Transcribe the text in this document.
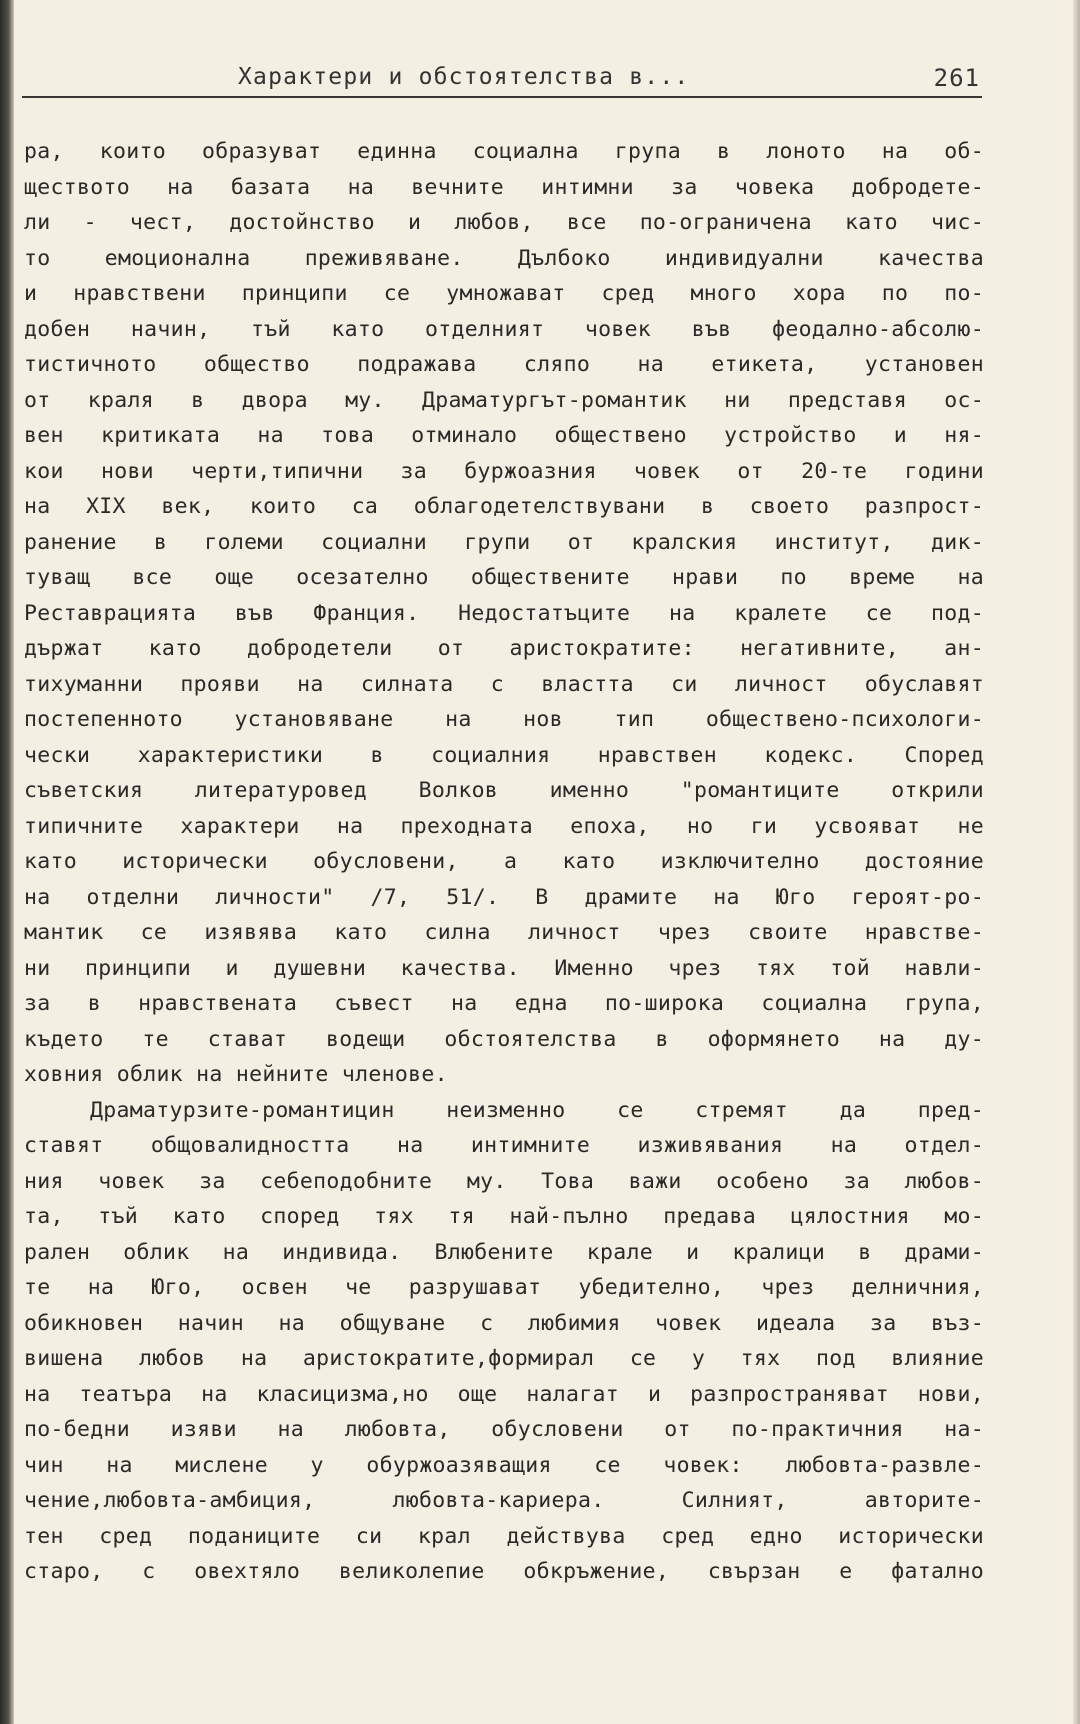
Характери и обстоятелства в...	261
ра, които образуват единна социална група в лоното на об-
ществото на базата на вечните интимни за човека добродете-
ли - чест, достойнство и любов, все по-ограничена като чис-
то емоционална преживяване. Дълбоко индивидуални качества
и нравствени принципи се умножават сред много хора по по-
добен начин, тъй като отделният човек във феодално-абсолю-
тистичното общество подражава сляпо на етикета, установен
от краля в двора му. Драматургът-романтик ни представя ос-
вен критиката на това отминало обществено устройство и ня-
кои нови черти,типични за буржоазния човек от 20-те години
на XIX век, които са облагодетелствувани в своето разпрост-
ранение в големи социални групи от кралския институт, дик-
туващ все още осезателно обществените нрави по време на
Реставрацията във Франция. Недостатъците на кралете се под-
държат като добродетели от аристократите: негативните, ан-
тихуманни прояви на силната с властта си личност обуславят
постепенното установяване на нов тип обществено-психологи-
чески характеристики в социалния нравствен кодекс. Според
съветския литературовед Волков именно "романтиците открили
типичните характери на преходната епоха, но ги усвояват не
като исторически обусловени, а като изключително достояние
на отделни личности" /7, 51/. В драмите на Юго героят-ро-
мантик се изявява като силна личност чрез своите нравстве-
ни принципи и душевни качества. Именно чрез тях той навли-
за в нравствената съвест на една по-широка социална група,
където те стават водещи обстоятелства в оформянето на ду-
ховния облик на нейните членове.
Драматурзите-романтицин неизменно се стремят да пред-
ставят общовалидността на интимните изживявания на отдел-
ния човек за себеподобните му. Това важи особено за любов-
та, тъй като според тях тя най-пълно предава цялостния мо-
рален облик на индивида. Влюбените крале и кралици в драми-
те на Юго, освен че разрушават убедително, чрез делничния,
обикновен начин на общуване с любимия човек идеала за въз-
вишена любов на аристократите,формирал се у тях под влияние
на театъра на класицизма,но още налагат и разпространяват нови,
по-бедни изяви на любовта, обусловени от по-практичния на-
чин на мислене у обуржоазяващия се човек: любовта-развле-
чение,любовта-амбиция, любовта-кариера. Силният, авторите-
тен сред поданиците си крал действува сред едно исторически
старо, с овехтяло великолепие обкръжение, свързан е фатално
